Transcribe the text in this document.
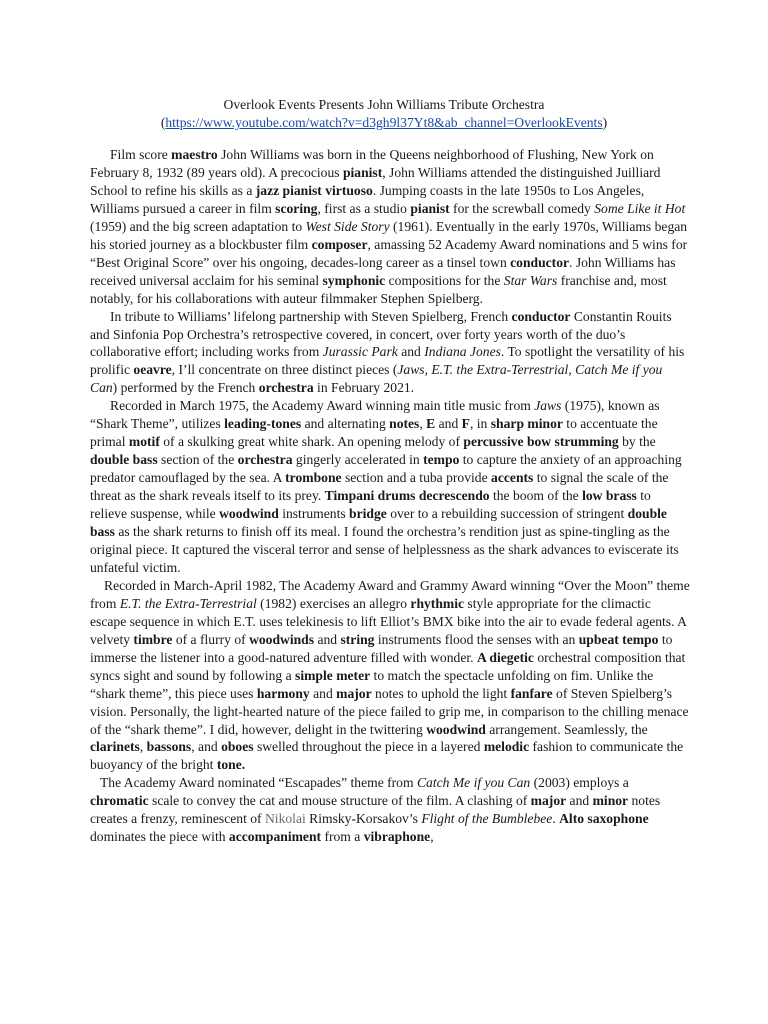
Overlook Events Presents John Williams Tribute Orchestra
(https://www.youtube.com/watch?v=d3gh9l37Yt8&ab_channel=OverlookEvents)

Film score maestro John Williams was born in the Queens neighborhood of Flushing, New York on February 8, 1932 (89 years old). A precocious pianist, John Williams attended the distinguished Juilliard School to refine his skills as a jazz pianist virtuoso. Jumping coasts in the late 1950s to Los Angeles, Williams pursued a career in film scoring, first as a studio pianist for the screwball comedy Some Like it Hot (1959) and the big screen adaptation to West Side Story (1961). Eventually in the early 1970s, Williams began his storied journey as a blockbuster film composer, amassing 52 Academy Award nominations and 5 wins for “Best Original Score” over his ongoing, decades-long career as a tinsel town conductor. John Williams has received universal acclaim for his seminal symphonic compositions for the Star Wars franchise and, most notably, for his collaborations with auteur filmmaker Stephen Spielberg.

In tribute to Williams’ lifelong partnership with Steven Spielberg, French conductor Constantin Rouits and Sinfonia Pop Orchestra’s retrospective covered, in concert, over forty years worth of the duo’s collaborative effort; including works from Jurassic Park and Indiana Jones. To spotlight the versatility of his prolific oeavre, I’ll concentrate on three distinct pieces (Jaws, E.T. the Extra-Terrestrial, Catch Me if you Can) performed by the French orchestra in February 2021.

Recorded in March 1975, the Academy Award winning main title music from Jaws (1975), known as “Shark Theme”, utilizes leading-tones and alternating notes, E and F, in sharp minor to accentuate the primal motif of a skulking great white shark. An opening melody of percussive bow strumming by the double bass section of the orchestra gingerly accelerated in tempo to capture the anxiety of an approaching predator camouflaged by the sea. A trombone section and a tuba provide accents to signal the scale of the threat as the shark reveals itself to its prey. Timpani drums decrescendo the boom of the low brass to relieve suspense, while woodwind instruments bridge over to a rebuilding succession of stringent double bass as the shark returns to finish off its meal. I found the orchestra’s rendition just as spine-tingling as the original piece. It captured the visceral terror and sense of helplessness as the shark advances to eviscerate its unfateful victim.

Recorded in March-April 1982, The Academy Award and Grammy Award winning “Over the Moon” theme from E.T. the Extra-Terrestrial (1982) exercises an allegro rhythmic style appropriate for the climactic escape sequence in which E.T. uses telekinesis to lift Elliot’s BMX bike into the air to evade federal agents. A velvety timbre of a flurry of woodwinds and string instruments flood the senses with an upbeat tempo to immerse the listener into a good-natured adventure filled with wonder. A diegetic orchestral composition that syncs sight and sound by following a simple meter to match the spectacle unfolding on fim. Unlike the “shark theme”, this piece uses harmony and major notes to uphold the light fanfare of Steven Spielberg’s vision. Personally, the light-hearted nature of the piece failed to grip me, in comparison to the chilling menace of the “shark theme”. I did, however, delight in the twittering woodwind arrangement. Seamlessly, the clarinets, bassons, and oboes swelled throughout the piece in a layered melodic fashion to communicate the buoyancy of the bright tone.

The Academy Award nominated “Escapades” theme from Catch Me if you Can (2003) employs a chromatic scale to convey the cat and mouse structure of the film. A clashing of major and minor notes creates a frenzy, reminescent of Nikolai Rimsky-Korsakov’s Flight of the Bumblebee. Alto saxophone dominates the piece with accompaniment from a vibraphone,
